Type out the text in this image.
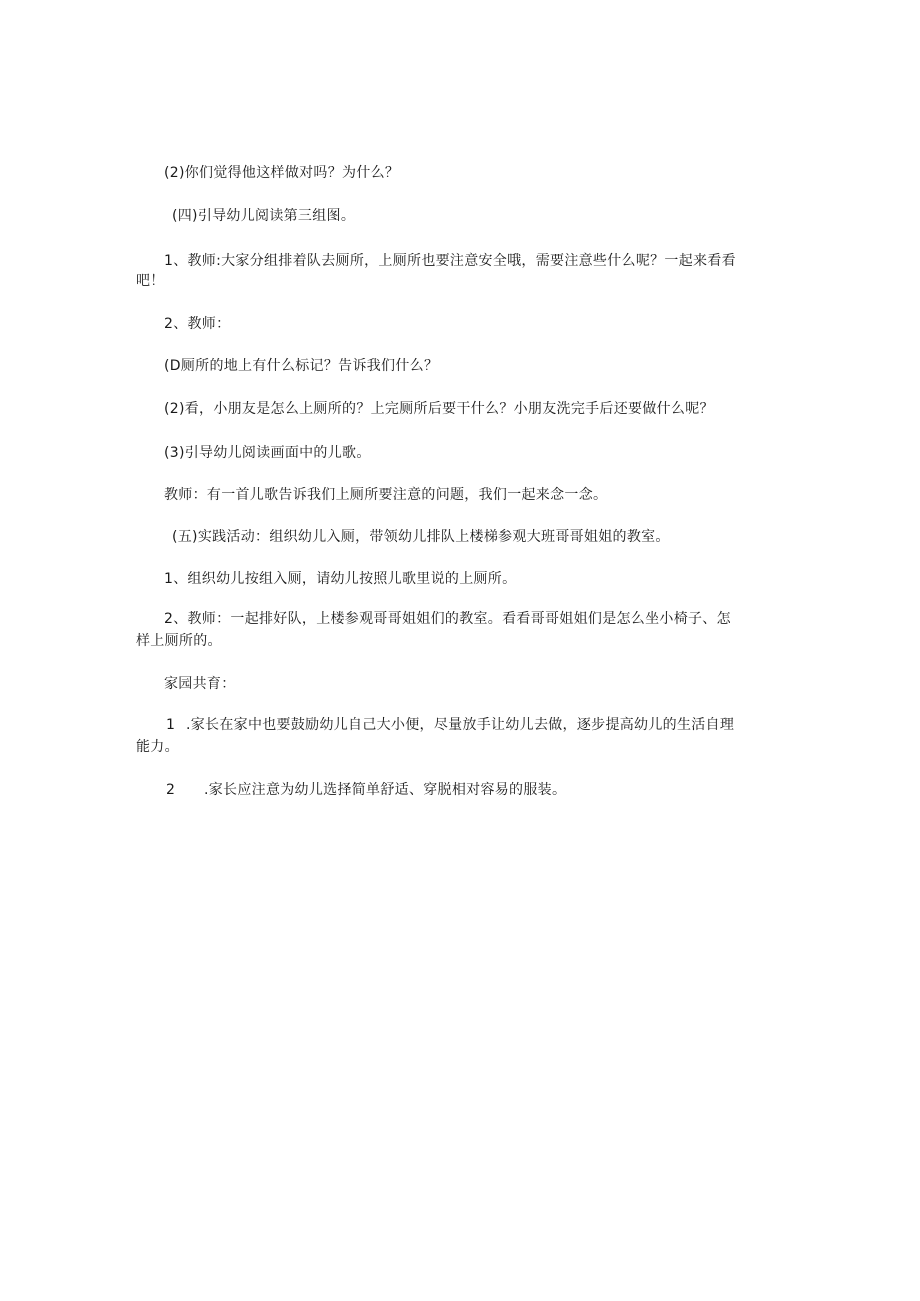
(2)你们觉得他这样做对吗？为什么？
(四)引导幼儿阅读第三组图。
1、教师:大家分组排着队去厕所，上厕所也要注意安全哦，需要注意些什么呢？一起来看看
吧！
2、教师：
(D厕所的地上有什么标记？告诉我们什么？
(2)看，小朋友是怎么上厕所的？上完厕所后要干什么？小朋友洗完手后还要做什么呢？
(3)引导幼儿阅读画面中的儿歌。
教师：有一首儿歌告诉我们上厕所要注意的问题，我们一起来念一念。
(五)实践活动：组织幼儿入厕，带领幼儿排队上楼梯参观大班哥哥姐姐的教室。
1、组织幼儿按组入厕，请幼儿按照儿歌里说的上厕所。
2、教师：一起排好队，上楼参观哥哥姐姐们的教室。看看哥哥姐姐们是怎么坐小椅子、怎
样上厕所的。
家园共育：
1 .家长在家中也要鼓励幼儿自己大小便，尽量放手让幼儿去做，逐步提高幼儿的生活自理
能力。
2 .家长应注意为幼儿选择简单舒适、穿脱相对容易的服装。
